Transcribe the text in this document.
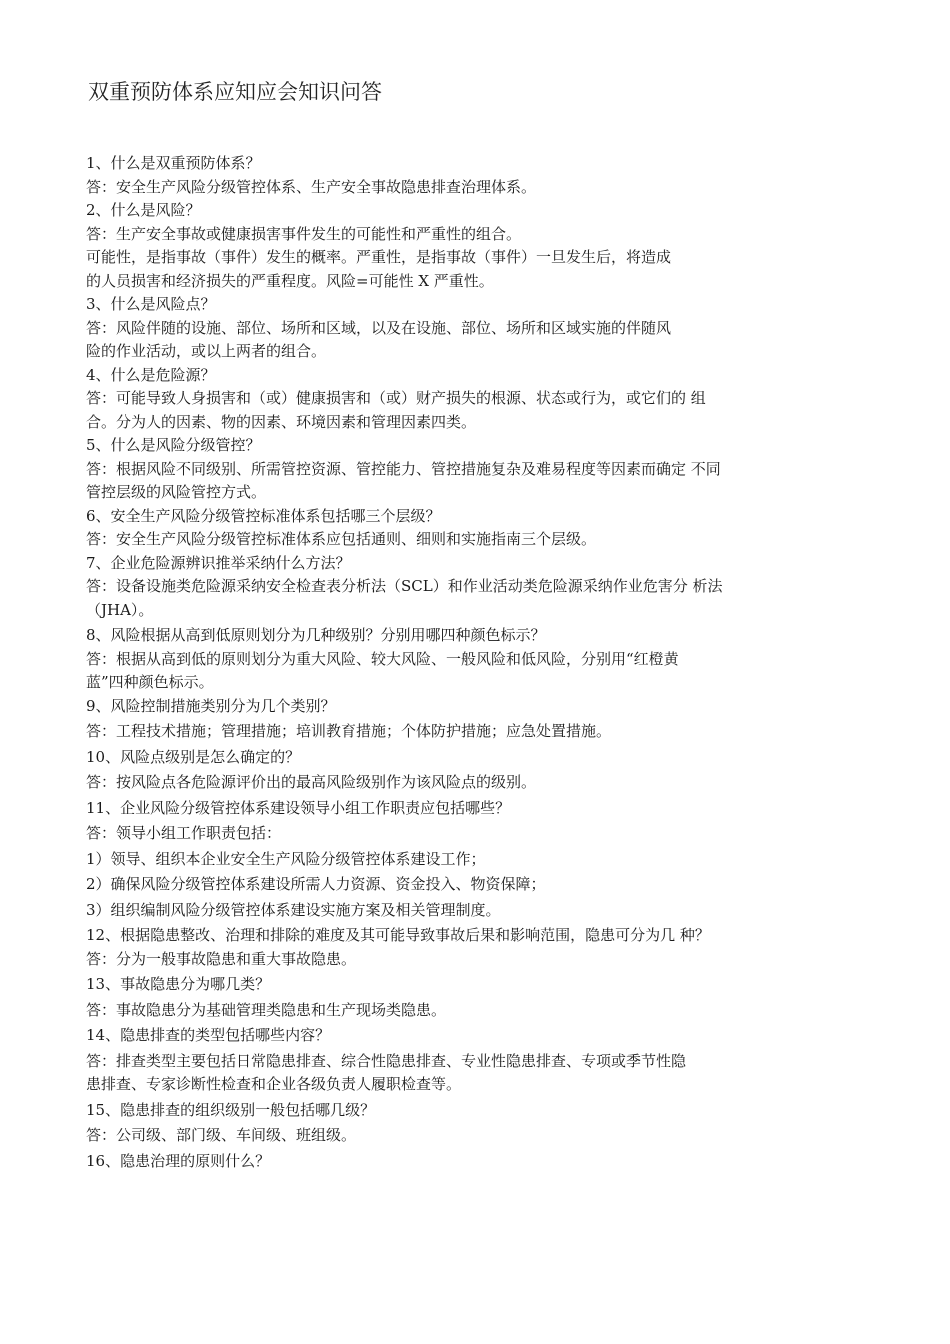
双重预防体系应知应会知识问答
1、什么是双重预防体系？
答：安全生产风险分级管控体系、生产安全事故隐患排查治理体系。
2、什么是风险？
答：生产安全事故或健康损害事件发生的可能性和严重性的组合。
可能性，是指事故（事件）发生的概率。严重性，是指事故（事件）一旦发生后，将造成
的人员损害和经济损失的严重程度。风险=可能性 X 严重性。
3、什么是风险点？
答：风险伴随的设施、部位、场所和区域，以及在设施、部位、场所和区域实施的伴随风
险的作业活动，或以上两者的组合。
4、什么是危险源？
答：可能导致人身损害和（或）健康损害和（或）财产损失的根源、状态或行为，或它们的 组
合。分为人的因素、物的因素、环境因素和管理因素四类。
5、什么是风险分级管控？
答：根据风险不同级别、所需管控资源、管控能力、管控措施复杂及难易程度等因素而确定 不同
管控层级的风险管控方式。
6、安全生产风险分级管控标准体系包括哪三个层级？
答：安全生产风险分级管控标准体系应包括通则、细则和实施指南三个层级。
7、企业危险源辨识推举采纳什么方法？
答：设备设施类危险源采纳安全检查表分析法（SCL）和作业活动类危险源采纳作业危害分 析法
（JHA）。
8、风险根据从高到低原则划分为几种级别？分别用哪四种颜色标示？
答：根据从高到低的原则划分为重大风险、较大风险、一般风险和低风险，分别用“红橙黄
蓝”四种颜色标示。
9、风险控制措施类别分为几个类别？
答：工程技术措施；管理措施；培训教育措施；个体防护措施；应急处置措施。
10、风险点级别是怎么确定的？
答：按风险点各危险源评价出的最高风险级别作为该风险点的级别。
11、企业风险分级管控体系建设领导小组工作职责应包括哪些？
答：领导小组工作职责包括：
1）领导、组织本企业安全生产风险分级管控体系建设工作；
2）确保风险分级管控体系建设所需人力资源、资金投入、物资保障；
3）组织编制风险分级管控体系建设实施方案及相关管理制度。
12、根据隐患整改、治理和排除的难度及其可能导致事故后果和影响范围，隐患可分为几 种？
答：分为一般事故隐患和重大事故隐患。
13、事故隐患分为哪几类？
答：事故隐患分为基础管理类隐患和生产现场类隐患。
14、隐患排查的类型包括哪些内容？
答：排查类型主要包括日常隐患排查、综合性隐患排查、专业性隐患排查、专项或季节性隐
患排查、专家诊断性检查和企业各级负责人履职检查等。
15、隐患排查的组织级别一般包括哪几级？
答：公司级、部门级、车间级、班组级。
16、隐患治理的原则什么？
